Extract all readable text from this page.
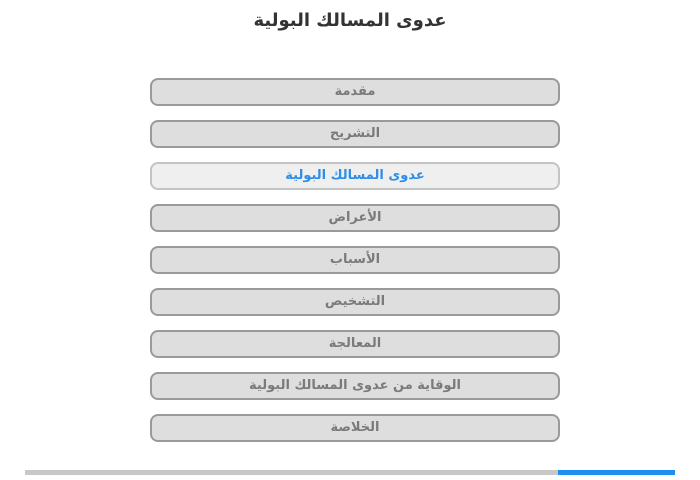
عدوى المسالك البولية
مقدمة
التشريح
عدوى المسالك البولية
الأعراض
الأسباب
التشخيص
المعالجة
الوقاية من عدوى المسالك البولية
الخلاصة
